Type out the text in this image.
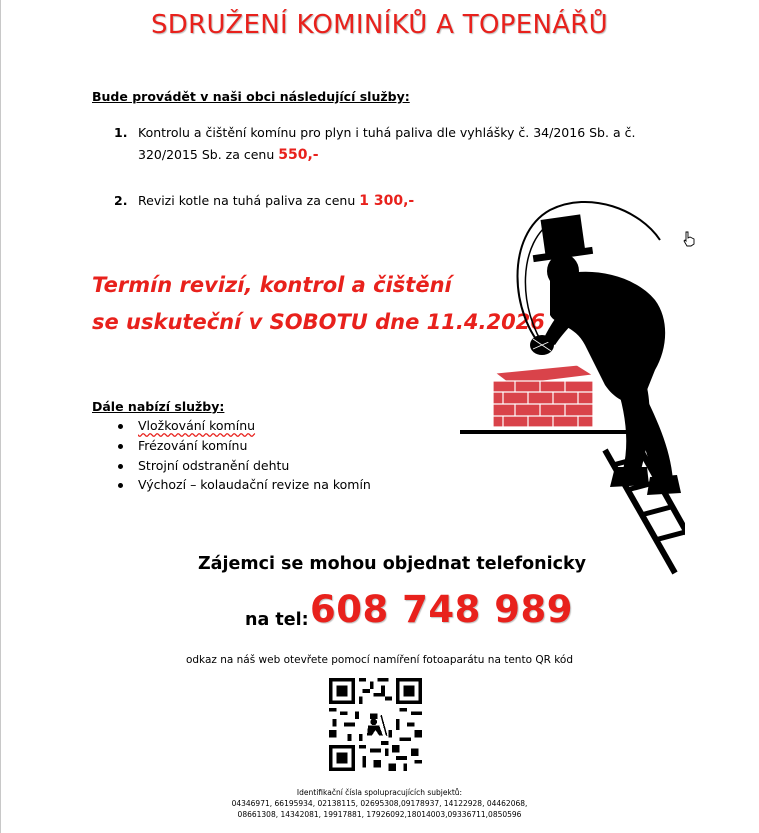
SDRUŽENÍ KOMINÍKŮ A TOPENÁŘŮ
Bude provádět v naši obci následující služby:
1. Kontrolu a čištění komínu pro plyn i tuhá paliva dle vyhlášky č. 34/2016 Sb. a č.
320/2015 Sb. za cenu 550,-
2. Revizi kotle na tuhá paliva za cenu 1 300,-
Termín revizí, kontrol a čištění
se uskuteční v SOBOTU dne 11.4.2026
Dále nabízí služby:
Vložkování komínu
Frézování komínu
Strojní odstranění dehtu
Výchozí – kolaudační revize na komín
Zájemci se mohou objednat telefonicky
na tel: 608 748 989
odkaz na náš web otevřete pomocí namíření fotoaparátu na tento QR kód
Identifikační čísla spolupracujících subjektů:
04346971, 66195934, 02138115, 02695308,09178937, 14122928, 04462068,
08661308, 14342081, 19917881, 17926092,18014003,09336711,0850596
